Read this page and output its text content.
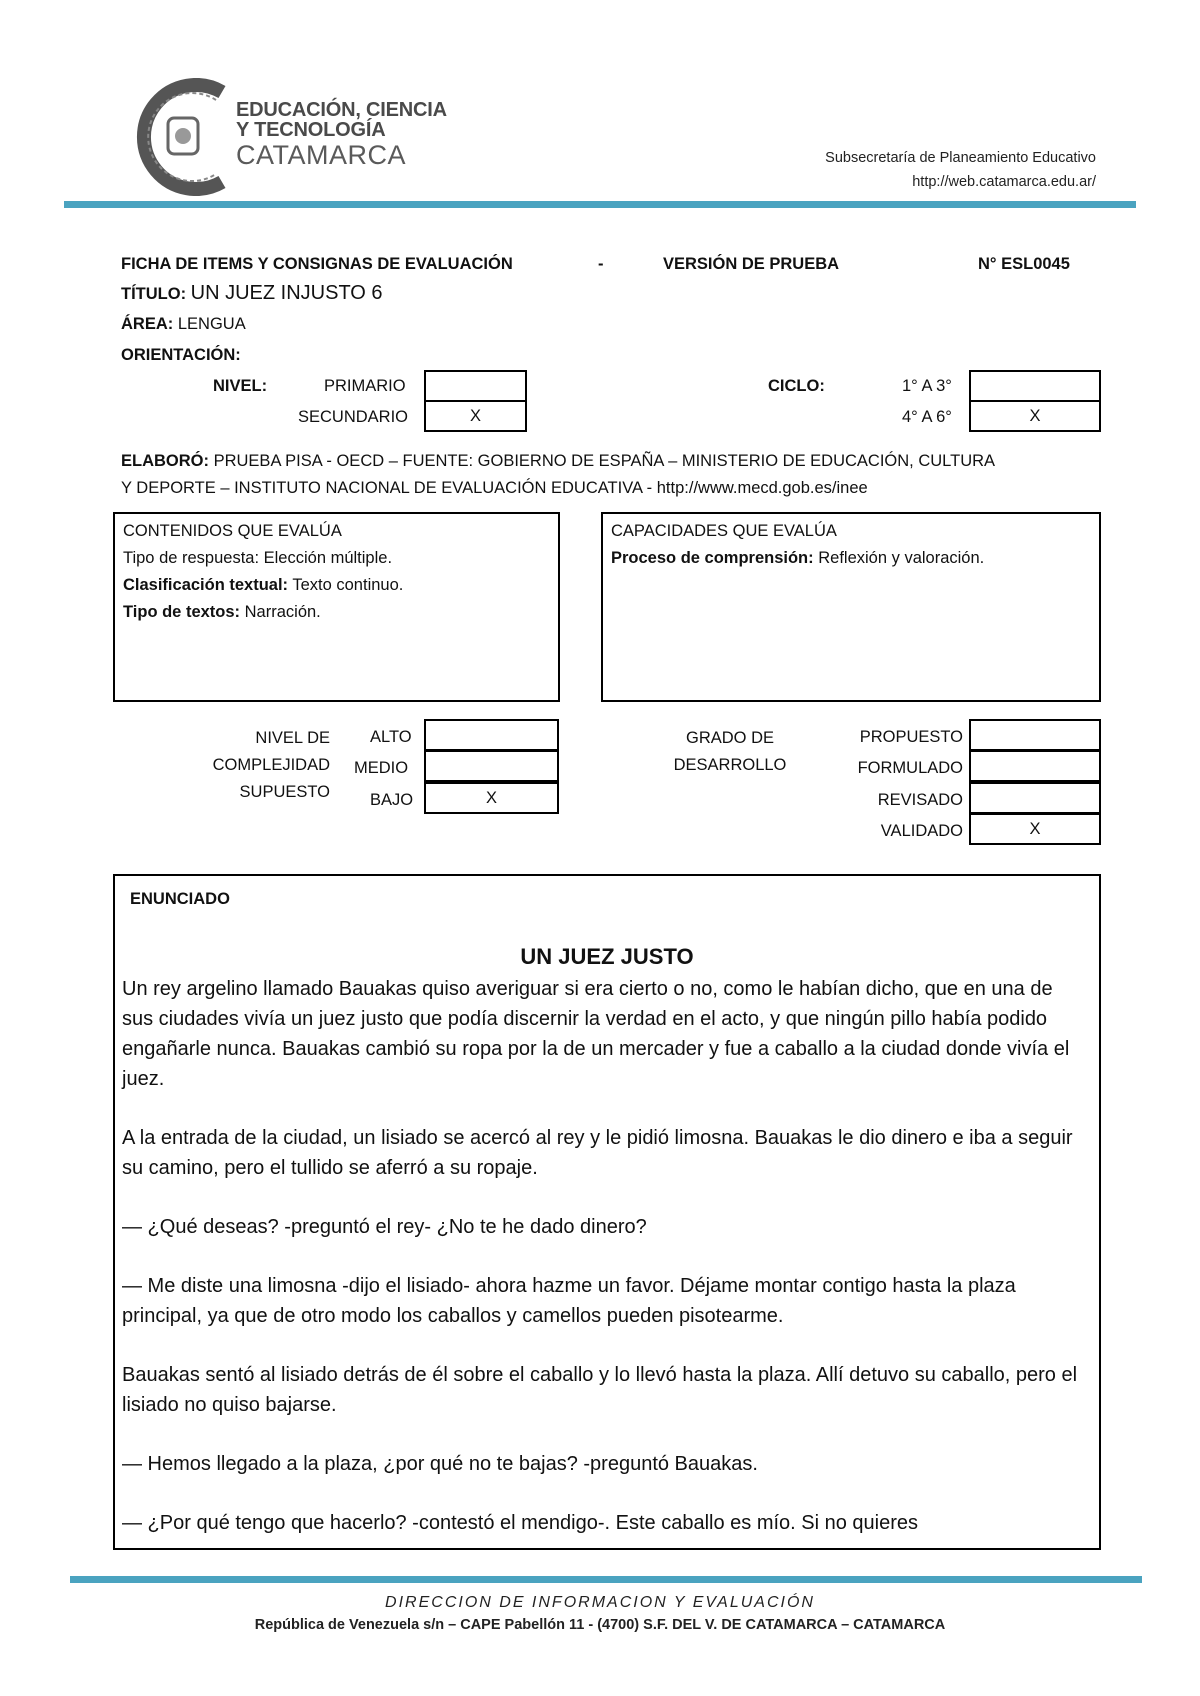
EDUCACIÓN, CIENCIA
Y TECNOLOGÍA
CATAMARCA	Subsecretaría de Planeamiento Educativo
http://web.catamarca.edu.ar/
FICHA DE ITEMS Y CONSIGNAS DE EVALUACIÓN	-	VERSIÓN DE PRUEBA	N° ESL0045
TÍTULO: UN JUEZ INJUSTO 6
ÁREA: LENGUA
ORIENTACIÓN:
NIVEL:	PRIMARIO
SECUNDARIO	X
CICLO:	1° A 3°
4° A 6°	X
ELABORÓ: PRUEBA PISA - OECD – FUENTE: GOBIERNO DE ESPAÑA – MINISTERIO DE EDUCACIÓN, CULTURA
Y DEPORTE – INSTITUTO NACIONAL DE EVALUACIÓN EDUCATIVA - http://www.mecd.gob.es/inee
CONTENIDOS QUE EVALÚA
Tipo de respuesta: Elección múltiple.
Clasificación textual: Texto continuo.
Tipo de textos: Narración.
CAPACIDADES QUE EVALÚA
Proceso de comprensión: Reflexión y valoración.
NIVEL DE
COMPLEJIDAD
SUPUESTO
ALTO
MEDIO
BAJO	X
GRADO DE
DESARROLLO
PROPUESTO
FORMULADO
REVISADO
VALIDADO	X
ENUNCIADO
UN JUEZ JUSTO

Un rey argelino llamado Bauakas quiso averiguar si era cierto o no, como le habían dicho, que en una de sus ciudades vivía un juez justo que podía discernir la verdad en el acto, y que ningún pillo había podido engañarle nunca. Bauakas cambió su ropa por la de un mercader y fue a caballo a la ciudad donde vivía el juez.

A la entrada de la ciudad, un lisiado se acercó al rey y le pidió limosna. Bauakas le dio dinero e iba a seguir su camino, pero el tullido se aferró a su ropaje.

— ¿Qué deseas? -preguntó el rey- ¿No te he dado dinero?

— Me diste una limosna -dijo el lisiado- ahora hazme un favor. Déjame montar contigo hasta la plaza principal, ya que de otro modo los caballos y camellos pueden pisotearme.

Bauakas sentó al lisiado detrás de él sobre el caballo y lo llevó hasta la plaza. Allí detuvo su caballo, pero el lisiado no quiso bajarse.

— Hemos llegado a la plaza, ¿por qué no te bajas? -preguntó Bauakas.

— ¿Por qué tengo que hacerlo? -contestó el mendigo-. Este caballo es mío. Si no quieres

DIRECCION DE INFORMACION Y EVALUACIÓN
República de Venezuela s/n – CAPE Pabellón 11 - (4700) S.F. DEL V. DE CATAMARCA – CATAMARCA
